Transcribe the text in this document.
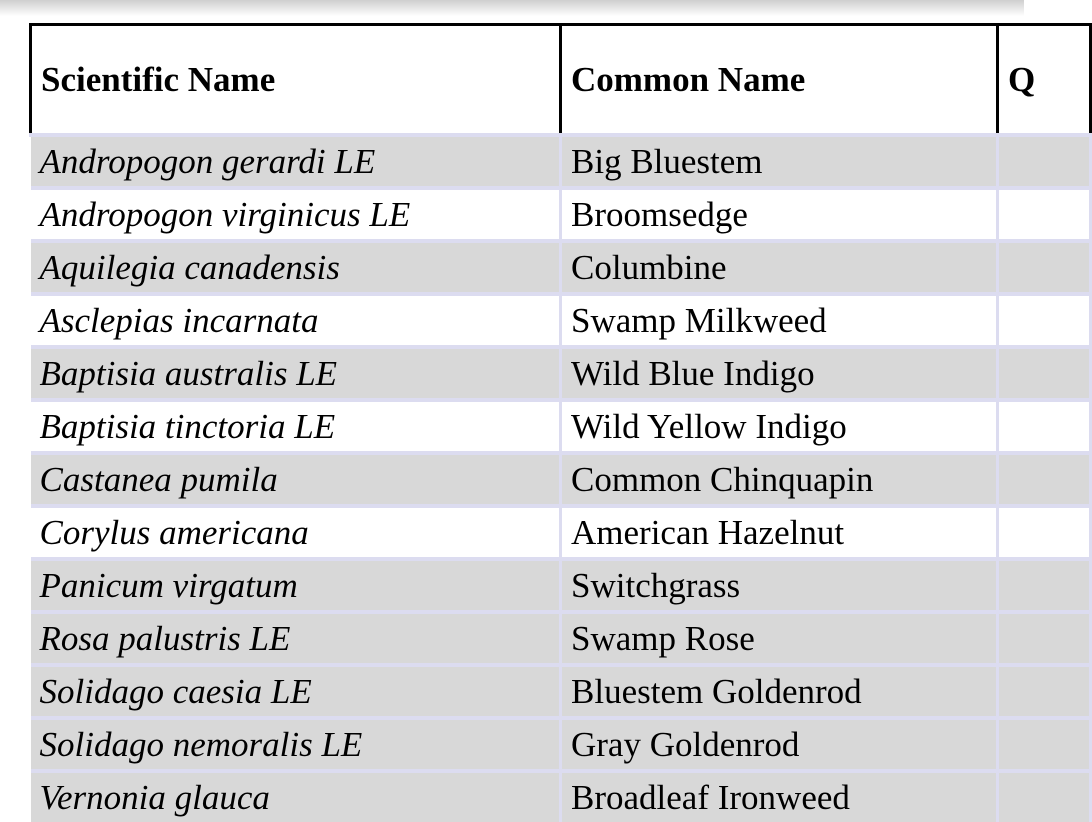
Scientific Name	Common Name	Q
Andropogon gerardi LE	Big Bluestem	
Andropogon virginicus LE	Broomsedge	
Aquilegia canadensis	Columbine	
Asclepias incarnata	Swamp Milkweed	
Baptisia australis LE	Wild Blue Indigo	
Baptisia tinctoria LE	Wild Yellow Indigo	
Castanea pumila	Common Chinquapin	
Corylus americana	American Hazelnut	
Panicum virgatum	Switchgrass	
Rosa palustris LE	Swamp Rose	
Solidago caesia LE	Bluestem Goldenrod	
Solidago nemoralis LE	Gray Goldenrod	
Vernonia glauca	Broadleaf Ironweed	
